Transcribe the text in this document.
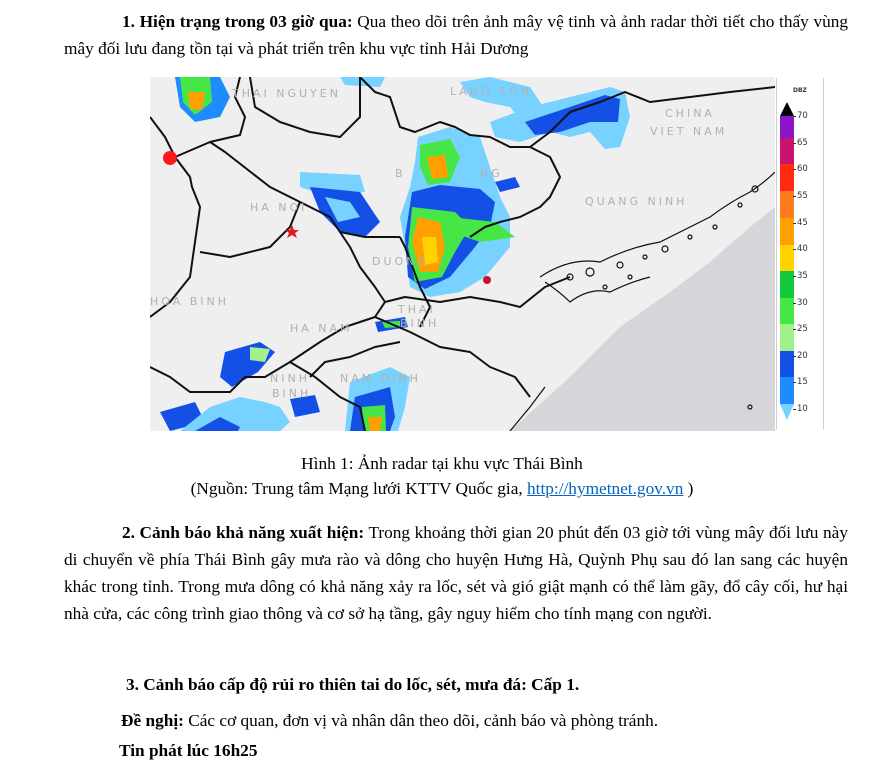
1. Hiện trạng trong 03 giờ qua: Qua theo dõi trên ảnh mây vệ tinh và ảnh radar thời tiết cho thấy vùng mây đối lưu đang tồn tại và phát triển trên khu vực tỉnh Hải Dương
THAI NGUYEN	LANG SON
CHINA
VIET NAM
B	NG
QUANG NINH
HA NOI
DUONG
HOA BINH
HA NAM
THAI
BINH
NINH
BINH
NAM DINH
DBZ
70
65
60
55
45
40
35
30
25
20
15
10
Hình 1: Ảnh radar tại khu vực Thái Bình
(Nguồn: Trung tâm Mạng lưới KTTV Quốc gia, http://hymetnet.gov.vn )
2. Cảnh báo khả năng xuất hiện: Trong khoảng thời gian 20 phút đến 03 giờ tới vùng mây đối lưu này di chuyển về phía Thái Bình gây mưa rào và dông cho huyện Hưng Hà, Quỳnh Phụ sau đó lan sang các huyện khác trong tỉnh. Trong mưa dông có khả năng xảy ra lốc, sét và gió giật mạnh có thể làm gãy, đổ cây cối, hư hại nhà cửa, các công trình giao thông và cơ sở hạ tầng, gây nguy hiểm cho tính mạng con người.
3. Cảnh báo cấp độ rủi ro thiên tai do lốc, sét, mưa đá: Cấp 1.
Đề nghị: Các cơ quan, đơn vị và nhân dân theo dõi, cảnh báo và phòng tránh.
Tin phát lúc 16h25
